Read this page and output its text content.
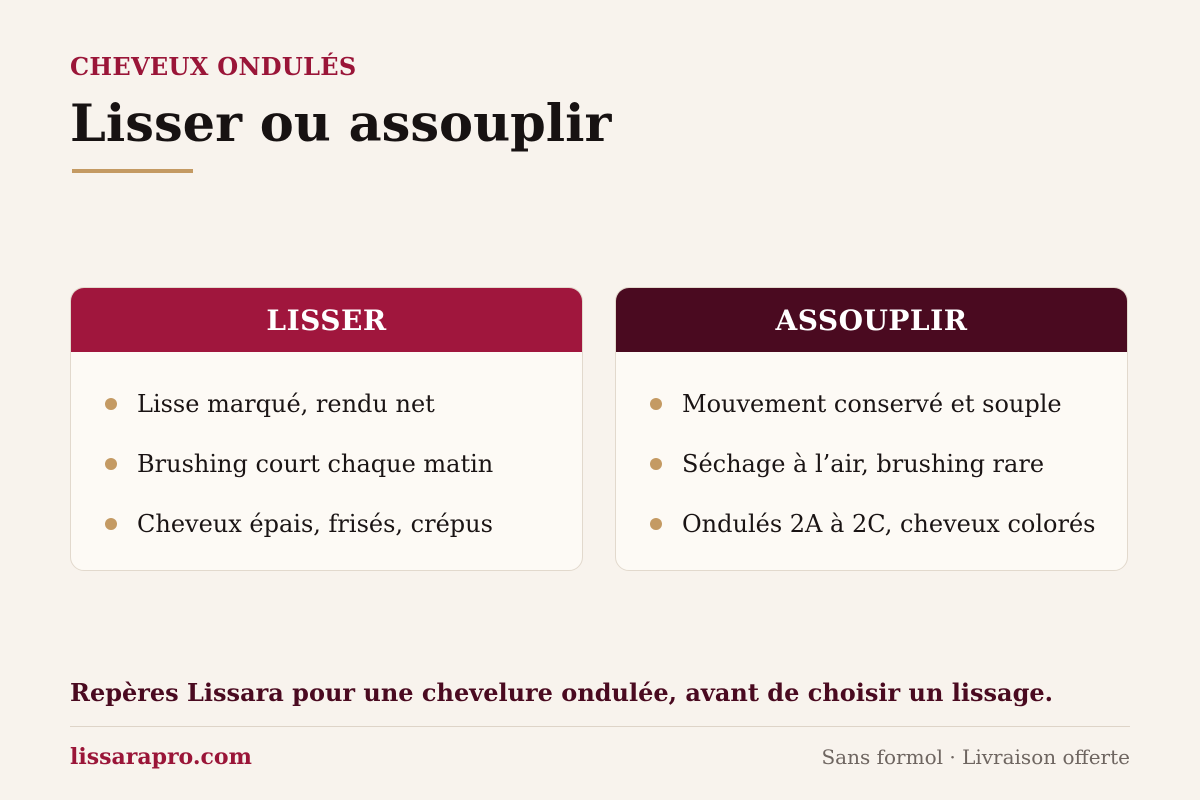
CHEVEUX ONDULÉS
Lisser ou assouplir
LISSER
Lisse marqué, rendu net
Brushing court chaque matin
Cheveux épais, frisés, crépus
ASSOUPLIR
Mouvement conservé et souple
Séchage à l’air, brushing rare
Ondulés 2A à 2C, cheveux colorés
Repères Lissara pour une chevelure ondulée, avant de choisir un lissage.
lissarapro.com	Sans formol · Livraison offerte
